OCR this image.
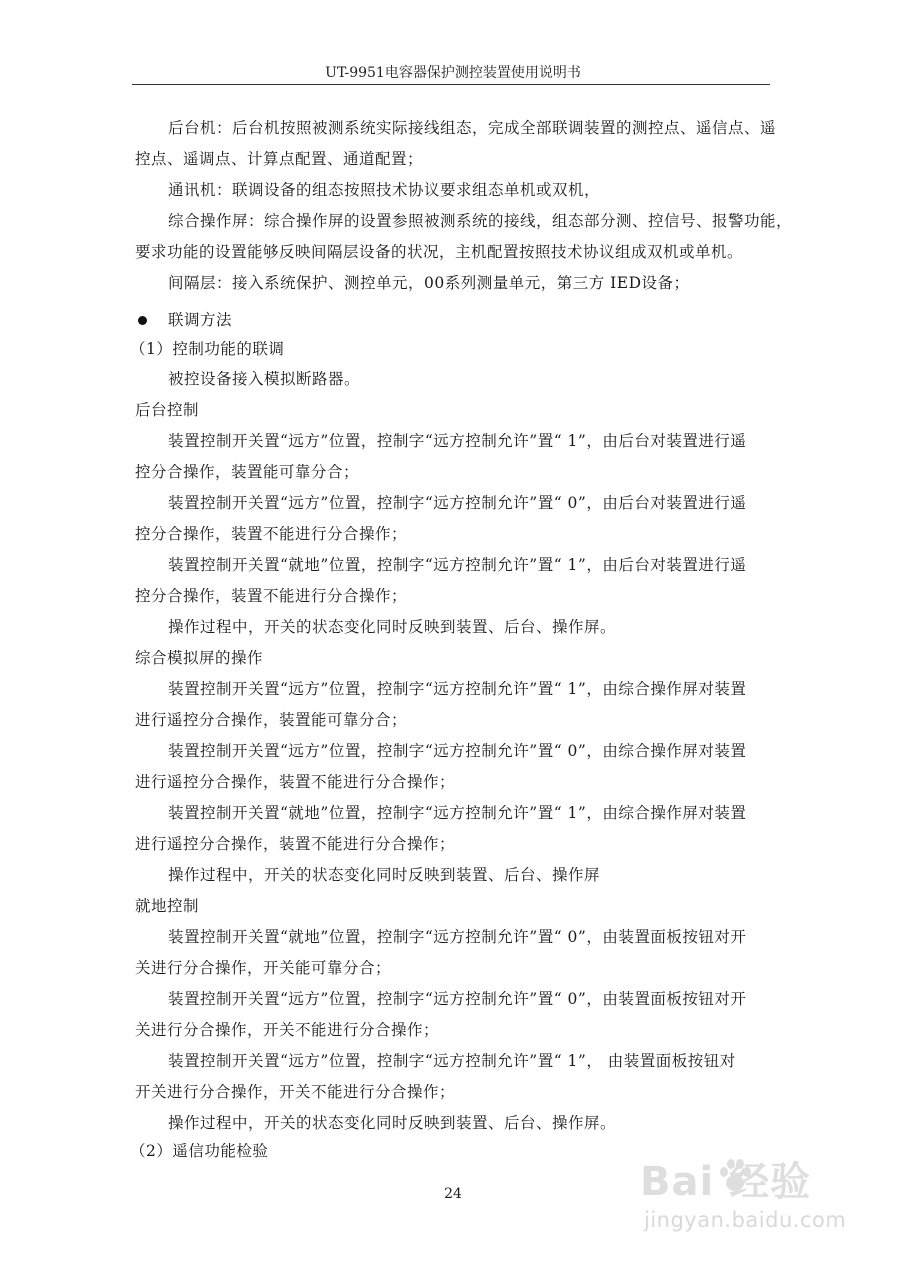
UT-9951电容器保护测控装置使用说明书
后台机：后台机按照被测系统实际接线组态，完成全部联调装置的测控点、遥信点、遥
控点、遥调点、计算点配置、通道配置；
通讯机：联调设备的组态按照技术协议要求组态单机或双机，
综合操作屏：综合操作屏的设置参照被测系统的接线，组态部分测、控信号、报警功能，
要求功能的设置能够反映间隔层设备的状况，主机配置按照技术协议组成双机或单机。
间隔层：接入系统保护、测控单元，00系列测量单元，第三方 IED设备；
联调方法
（1）控制功能的联调
被控设备接入模拟断路器。
后台控制
装置控制开关置“远方”位置，控制字“远方控制允许”置“ 1”，由后台对装置进行遥
控分合操作，装置能可靠分合；
装置控制开关置“远方”位置，控制字“远方控制允许”置“ 0”，由后台对装置进行遥
控分合操作，装置不能进行分合操作；
装置控制开关置“就地”位置，控制字“远方控制允许”置“ 1”，由后台对装置进行遥
控分合操作，装置不能进行分合操作；
操作过程中，开关的状态变化同时反映到装置、后台、操作屏。
综合模拟屏的操作
装置控制开关置“远方”位置，控制字“远方控制允许”置“ 1”，由综合操作屏对装置
进行遥控分合操作，装置能可靠分合；
装置控制开关置“远方”位置，控制字“远方控制允许”置“ 0”，由综合操作屏对装置
进行遥控分合操作，装置不能进行分合操作；
装置控制开关置“就地”位置，控制字“远方控制允许”置“ 1”，由综合操作屏对装置
进行遥控分合操作，装置不能进行分合操作；
操作过程中，开关的状态变化同时反映到装置、后台、操作屏
就地控制
装置控制开关置“就地”位置，控制字“远方控制允许”置“ 0”，由装置面板按钮对开
关进行分合操作，开关能可靠分合；
装置控制开关置“远方”位置，控制字“远方控制允许”置“ 0”，由装置面板按钮对开
关进行分合操作，开关不能进行分合操作；
装置控制开关置“远方”位置，控制字“远方控制允许”置“ 1”， 由装置面板按钮对
开关进行分合操作，开关不能进行分合操作；
操作过程中，开关的状态变化同时反映到装置、后台、操作屏。
（2）遥信功能检验
24	Bai 经验
jingyan.baidu.com
